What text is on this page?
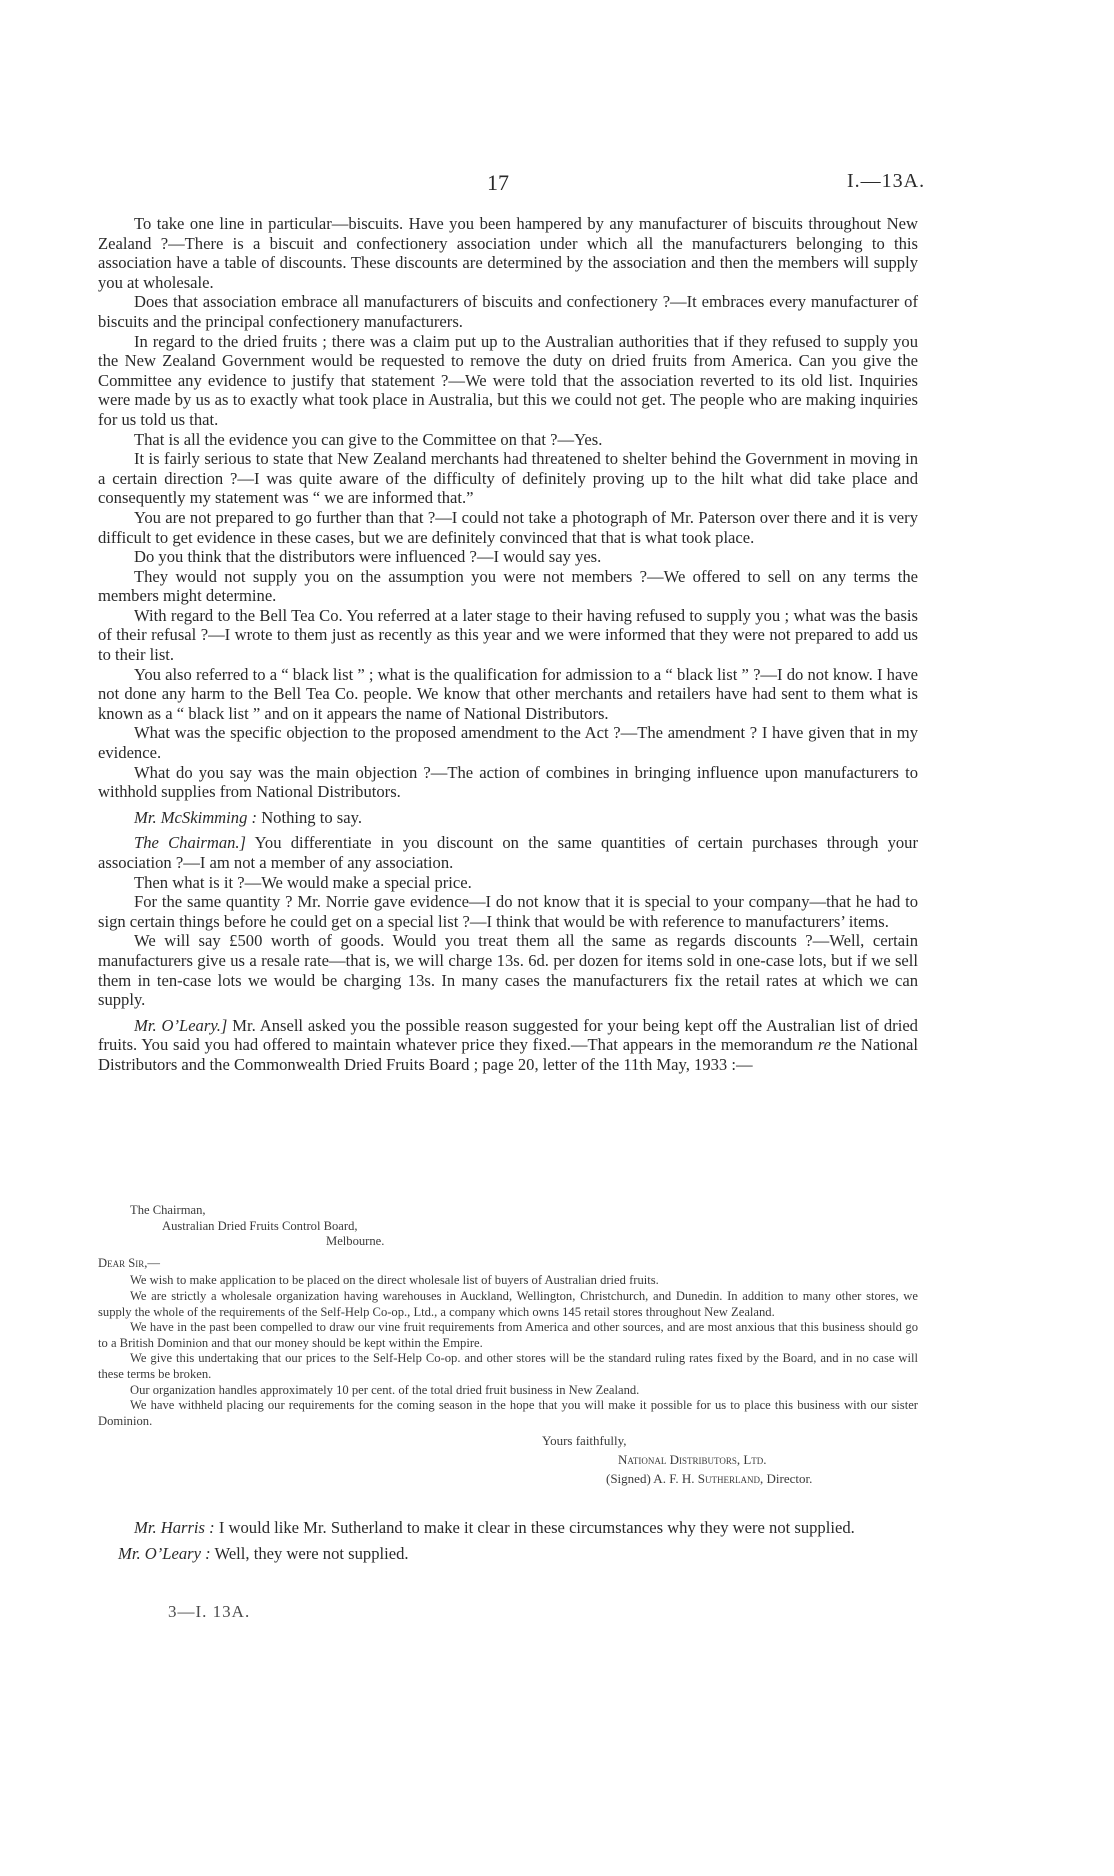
17	I.—13A.

To take one line in particular—biscuits. Have you been hampered by any manufacturer of biscuits throughout New Zealand ?—There is a biscuit and confectionery association under which all the manufacturers belonging to this association have a table of discounts. These discounts are determined by the association and then the members will supply you at wholesale.

Does that association embrace all manufacturers of biscuits and confectionery ?—It embraces every manufacturer of biscuits and the principal confectionery manufacturers.

In regard to the dried fruits ; there was a claim put up to the Australian authorities that if they refused to supply you the New Zealand Government would be requested to remove the duty on dried fruits from America. Can you give the Committee any evidence to justify that statement ?—We were told that the association reverted to its old list. Inquiries were made by us as to exactly what took place in Australia, but this we could not get. The people who are making inquiries for us told us that.

That is all the evidence you can give to the Committee on that ?—Yes.

It is fairly serious to state that New Zealand merchants had threatened to shelter behind the Government in moving in a certain direction ?—I was quite aware of the difficulty of definitely proving up to the hilt what did take place and consequently my statement was “ we are informed that.”

You are not prepared to go further than that ?—I could not take a photograph of Mr. Paterson over there and it is very difficult to get evidence in these cases, but we are definitely convinced that that is what took place.

Do you think that the distributors were influenced ?—I would say yes.

They would not supply you on the assumption you were not members ?—We offered to sell on any terms the members might determine.

With regard to the Bell Tea Co. You referred at a later stage to their having refused to supply you ; what was the basis of their refusal ?—I wrote to them just as recently as this year and we were informed that they were not prepared to add us to their list.

You also referred to a “ black list ” ; what is the qualification for admission to a “ black list ” ?—I do not know. I have not done any harm to the Bell Tea Co. people. We know that other merchants and retailers have had sent to them what is known as a “ black list ” and on it appears the name of National Distributors.

What was the specific objection to the proposed amendment to the Act ?—The amendment ? I have given that in my evidence.

What do you say was the main objection ?—The action of combines in bringing influence upon manufacturers to withhold supplies from National Distributors.

Mr. McSkimming : Nothing to say.

The Chairman.] You differentiate in you discount on the same quantities of certain purchases through your association ?—I am not a member of any association.

Then what is it ?—We would make a special price.

For the same quantity ? Mr. Norrie gave evidence—I do not know that it is special to your company—that he had to sign certain things before he could get on a special list ?—I think that would be with reference to manufacturers’ items.

We will say £500 worth of goods. Would you treat them all the same as regards discounts ?—Well, certain manufacturers give us a resale rate—that is, we will charge 13s. 6d. per dozen for items sold in one-case lots, but if we sell them in ten-case lots we would be charging 13s. In many cases the manufacturers fix the retail rates at which we can supply.

Mr. O’Leary.] Mr. Ansell asked you the possible reason suggested for your being kept off the Australian list of dried fruits. You said you had offered to maintain whatever price they fixed.—That appears in the memorandum re the National Distributors and the Commonwealth Dried Fruits Board ; page 20, letter of the 11th May, 1933 :—

The Chairman,
Australian Dried Fruits Control Board,
Melbourne.
Dear Sir,—

We wish to make application to be placed on the direct wholesale list of buyers of Australian dried fruits.

We are strictly a wholesale organization having warehouses in Auckland, Wellington, Christchurch, and Dunedin. In addition to many other stores, we supply the whole of the requirements of the Self-Help Co-op., Ltd., a company which owns 145 retail stores throughout New Zealand.

We have in the past been compelled to draw our vine fruit requirements from America and other sources, and are most anxious that this business should go to a British Dominion and that our money should be kept within the Empire.

We give this undertaking that our prices to the Self-Help Co-op. and other stores will be the standard ruling rates fixed by the Board, and in no case will these terms be broken.

Our organization handles approximately 10 per cent. of the total dried fruit business in New Zealand.

We have withheld placing our requirements for the coming season in the hope that you will make it possible for us to place this business with our sister Dominion.

Yours faithfully,
National Distributors, Ltd.
(Signed) A. F. H. Sutherland, Director.

Mr. Harris : I would like Mr. Sutherland to make it clear in these circumstances why they were not supplied.

Mr. O’Leary : Well, they were not supplied.

3—I. 13A.
